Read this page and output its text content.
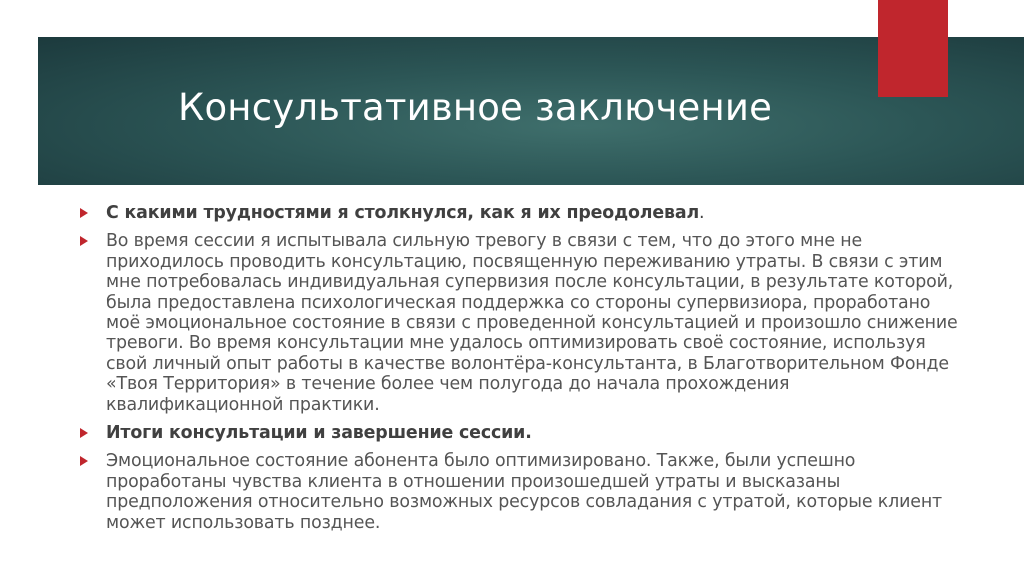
Консультативное заключение
С какими трудностями я столкнулся, как я их преодолевал.
Во время сессии я испытывала сильную тревогу в связи с тем, что до этого мне не приходилось проводить консультацию, посвященную переживанию утраты. В связи с этим мне потребовалась индивидуальная супервизия после консультации, в результате которой, была предоставлена психологическая поддержка со стороны супервизиора, проработано моё эмоциональное состояние в связи с проведенной консультацией и произошло снижение тревоги. Во время консультации мне удалось оптимизировать своё состояние, используя свой личный опыт работы в качестве волонтёра-консультанта, в Благотворительном Фонде «Твоя Территория» в течение более чем полугода до начала прохождения квалификационной практики.
Итоги консультации и завершение сессии.
Эмоциональное состояние абонента было оптимизировано. Также, были успешно проработаны чувства клиента в отношении произошедшей утраты и высказаны предположения относительно возможных ресурсов совладания с утратой, которые клиент может использовать позднее.
